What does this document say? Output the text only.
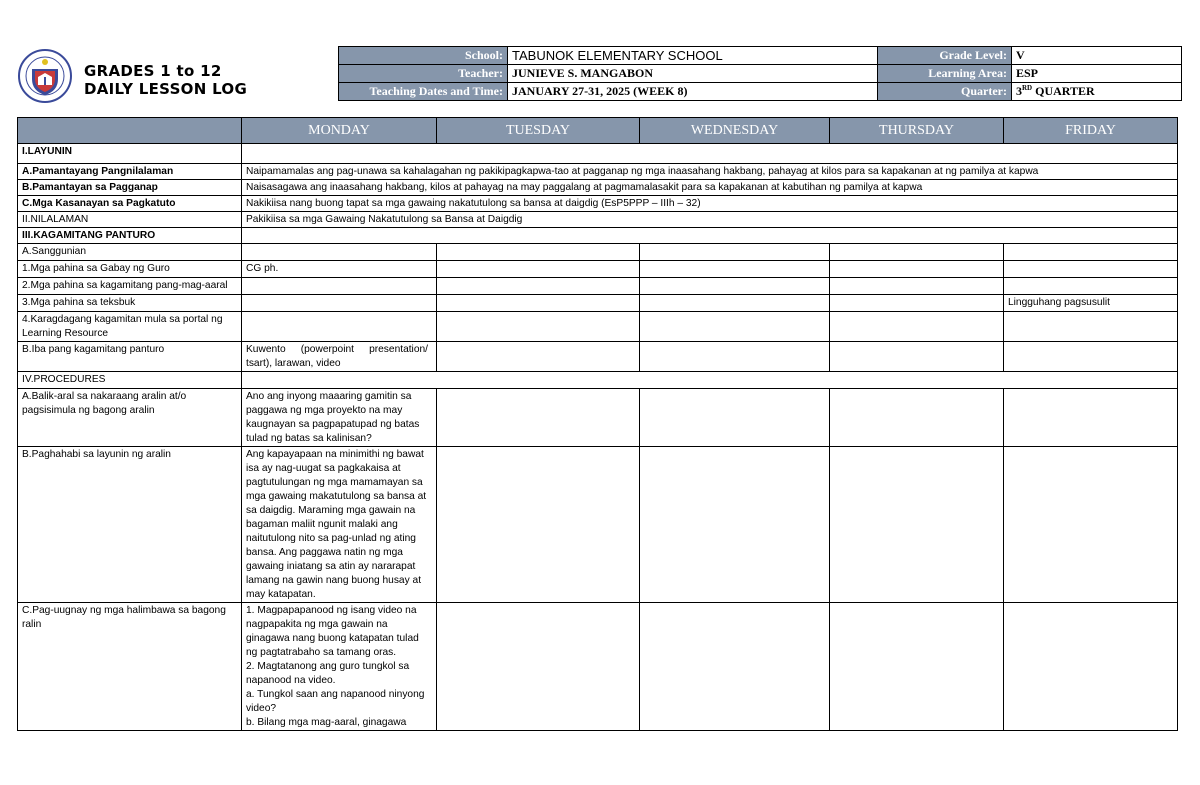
GRADES 1 to 12
DAILY LESSON LOG
School:	TABUNOK ELEMENTARY SCHOOL	Grade Level:	V
Teacher:	JUNIEVE S. MANGABON	Learning Area:	ESP
Teaching Dates and Time:	JANUARY 27-31, 2025 (WEEK 8)	Quarter:	3RD QUARTER
	MONDAY	TUESDAY	WEDNESDAY	THURSDAY	FRIDAY
I.LAYUNIN					
A.Pamantayang Pangnilalaman	Naipamamalas ang pag-unawa sa kahalagahan ng pakikipagkapwa-tao at pagganap ng mga inaasahang hakbang, pahayag at kilos para sa kapakanan at ng pamilya at kapwa				
B.Pamantayan sa Pagganap	Naisasagawa ang inaasahang hakbang, kilos at pahayag na may paggalang at pagmamalasakit para sa kapakanan at kabutihan ng pamilya at kapwa				
C.Mga Kasanayan sa Pagkatuto	Nakikiisa nang buong tapat sa mga gawaing nakatutulong sa bansa at daigdig (EsP5PPP – IIIh – 32)				
II.NILALAMAN	Pakikiisa sa mga Gawaing Nakatutulong sa Bansa at Daigdig				
III.KAGAMITANG PANTURO					
A.Sanggunian					
1.Mga pahina sa Gabay ng Guro	CG ph.				
2.Mga pahina sa kagamitang pang-mag-aaral					
3.Mga pahina sa teksbuk					Lingguhang pagsusulit
4.Karagdagang kagamitan mula sa portal ng Learning Resource					
B.Iba pang kagamitang panturo	Kuwento (powerpoint presentation/ tsart), larawan, video				
IV.PROCEDURES					
A.Balik-aral sa nakaraang aralin at/o pagsisimula ng bagong aralin	Ano ang inyong maaaring gamitin sa paggawa ng mga proyekto na may kaugnayan sa pagpapatupad ng batas tulad ng batas sa kalinisan?				
B.Paghahabi sa layunin ng aralin	Ang kapayapaan na minimithi ng bawat isa ay nag-uugat sa pagkakaisa at pagtutulungan ng mga mamamayan sa mga gawaing makatutulong sa bansa at sa daigdig. Maraming mga gawain na bagaman maliit ngunit malaki ang naitutulong nito sa pag-unlad ng ating bansa. Ang paggawa natin ng mga gawaing iniatang sa atin ay nararapat lamang na gawin nang buong husay at may katapatan.				
C.Pag-uugnay ng mga halimbawa sa bagong ralin	1. Magpapapanood ng isang video na nagpapakita ng mga gawain na ginagawa nang buong katapatan tulad ng pagtatrabaho sa tamang oras.
2. Magtatanong ang guro tungkol sa napanood na video.
a. Tungkol saan ang napanood ninyong video?
b. Bilang mga mag-aaral, ginagawa				
